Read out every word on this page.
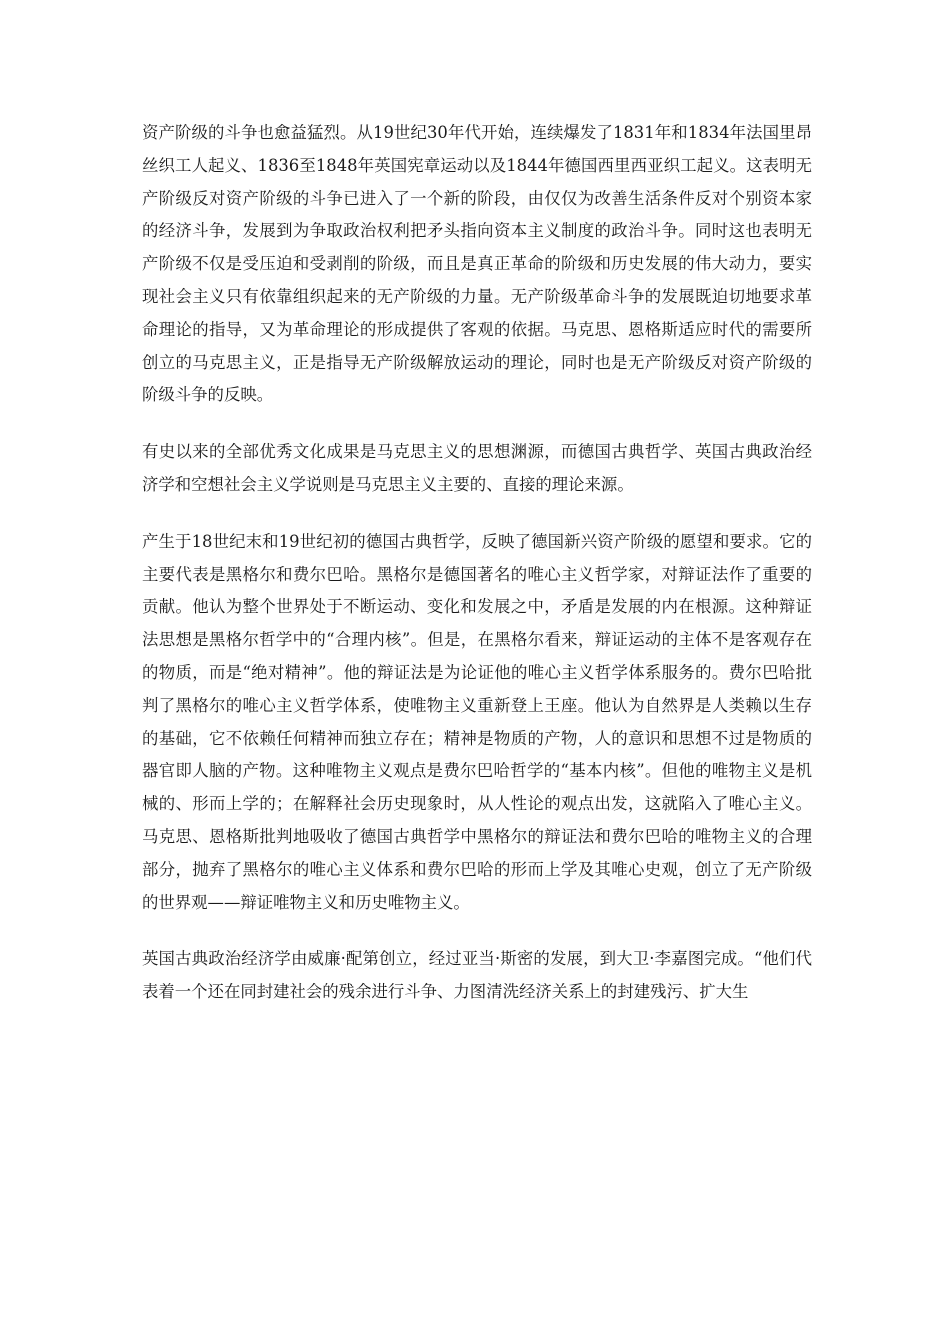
资产阶级的斗争也愈益猛烈。从19世纪30年代开始，连续爆发了1831年和1834年法国里昂丝织工人起义、1836至1848年英国宪章运动以及1844年德国西里西亚织工起义。这表明无产阶级反对资产阶级的斗争已进入了一个新的阶段，由仅仅为改善生活条件反对个别资本家的经济斗争，发展到为争取政治权利把矛头指向资本主义制度的政治斗争。同时这也表明无产阶级不仅是受压迫和受剥削的阶级，而且是真正革命的阶级和历史发展的伟大动力，要实现社会主义只有依靠组织起来的无产阶级的力量。无产阶级革命斗争的发展既迫切地要求革命理论的指导，又为革命理论的形成提供了客观的依据。马克思、恩格斯适应时代的需要所创立的马克思主义，正是指导无产阶级解放运动的理论，同时也是无产阶级反对资产阶级的阶级斗争的反映。

有史以来的全部优秀文化成果是马克思主义的思想渊源，而德国古典哲学、英国古典政治经济学和空想社会主义学说则是马克思主义主要的、直接的理论来源。

产生于18世纪末和19世纪初的德国古典哲学，反映了德国新兴资产阶级的愿望和要求。它的主要代表是黑格尔和费尔巴哈。黑格尔是德国著名的唯心主义哲学家，对辩证法作了重要的贡献。他认为整个世界处于不断运动、变化和发展之中，矛盾是发展的内在根源。这种辩证法思想是黑格尔哲学中的“合理内核”。但是，在黑格尔看来，辩证运动的主体不是客观存在的物质，而是“绝对精神”。他的辩证法是为论证他的唯心主义哲学体系服务的。费尔巴哈批判了黑格尔的唯心主义哲学体系，使唯物主义重新登上王座。他认为自然界是人类赖以生存的基础，它不依赖任何精神而独立存在；精神是物质的产物，人的意识和思想不过是物质的器官即人脑的产物。这种唯物主义观点是费尔巴哈哲学的“基本内核”。但他的唯物主义是机械的、形而上学的；在解释社会历史现象时，从人性论的观点出发，这就陷入了唯心主义。马克思、恩格斯批判地吸收了德国古典哲学中黑格尔的辩证法和费尔巴哈的唯物主义的合理部分，抛弃了黑格尔的唯心主义体系和费尔巴哈的形而上学及其唯心史观，创立了无产阶级的世界观——辩证唯物主义和历史唯物主义。

英国古典政治经济学由威廉·配第创立，经过亚当·斯密的发展，到大卫·李嘉图完成。“他们代表着一个还在同封建社会的残余进行斗争、力图清洗经济关系上的封建残污、扩大生
